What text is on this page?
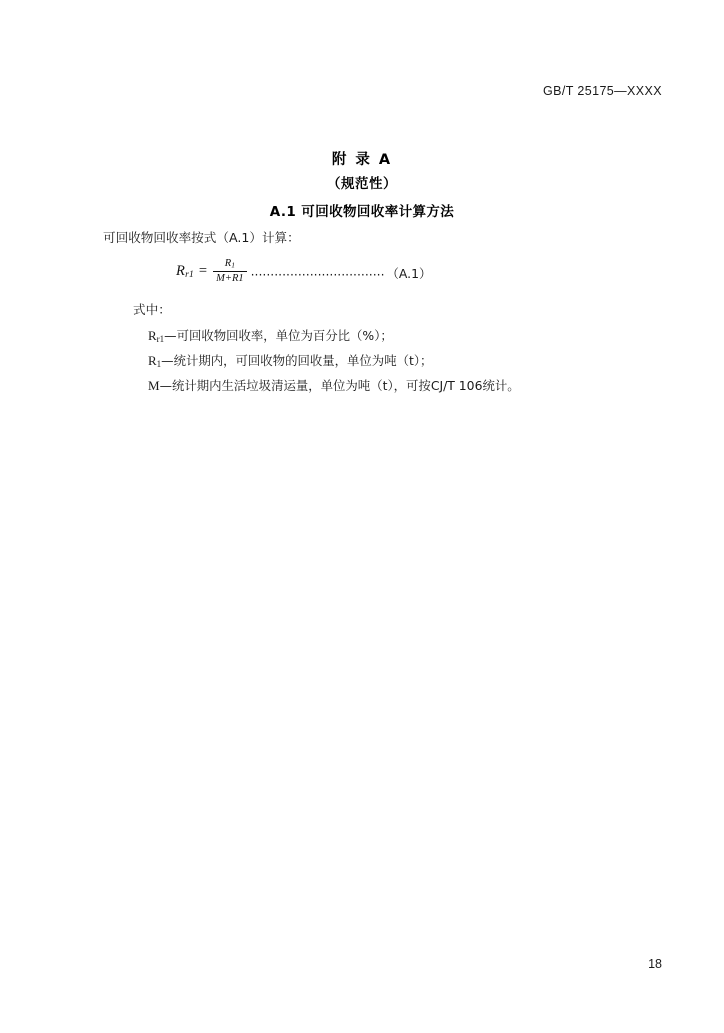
GB/T 25175—XXXX
附 录 A
（规范性）
A.1 可回收物回收率计算方法
可回收物回收率按式（A.1）计算：
$R_{r1} = \frac{R_1}{M+R1}$ ·································· （A.1）
式中：
$R_{r1}—$可回收物回收率，单位为百分比（%）；
$R_1—$统计期内，可回收物的回收量，单位为吨（t）；
M—统计期内生活垃圾清运量，单位为吨（t），可按CJ/T 106统计。
18
